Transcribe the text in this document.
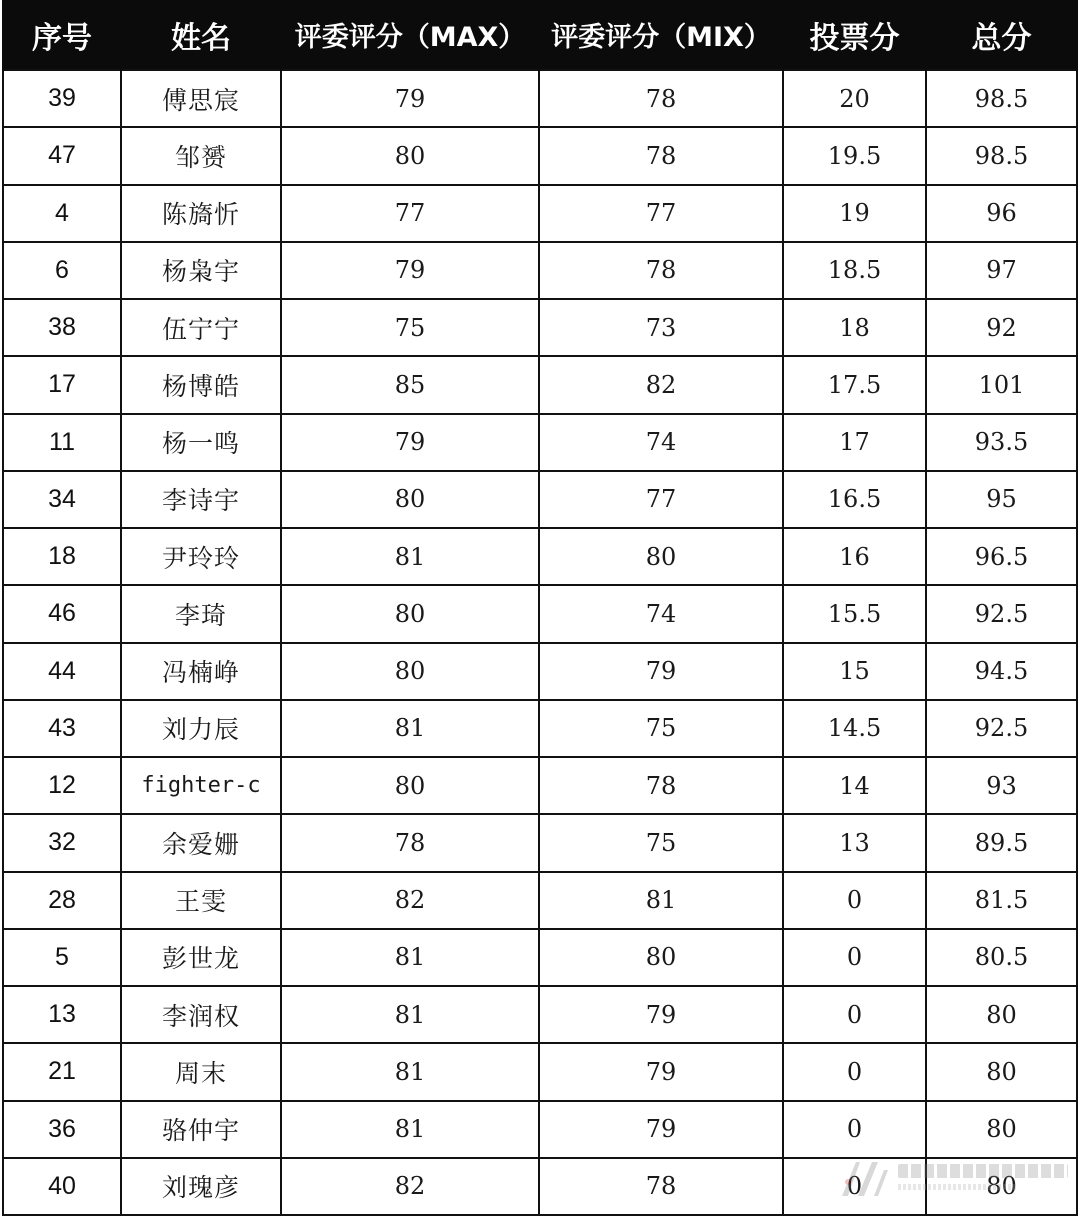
序号	姓名	评委评分（MAX）	评委评分（MIX）	投票分	总分
39	傅思宸	79	78	20	98.5
47	邹赟	80	78	19.5	98.5
4	陈旖忻	77	77	19	96
6	杨枭宇	79	78	18.5	97
38	伍宁宁	75	73	18	92
17	杨博皓	85	82	17.5	101
11	杨一鸣	79	74	17	93.5
34	李诗宇	80	77	16.5	95
18	尹玲玲	81	80	16	96.5
46	李琦	80	74	15.5	92.5
44	冯楠峥	80	79	15	94.5
43	刘力辰	81	75	14.5	92.5
12	fighter-c	80	78	14	93
32	余爱姗	78	75	13	89.5
28	王雯	82	81	0	81.5
5	彭世龙	81	80	0	80.5
13	李润权	81	79	0	80
21	周末	81	79	0	80
36	骆仲宇	81	79	0	80
40	刘瑰彦	82	78	0	80
